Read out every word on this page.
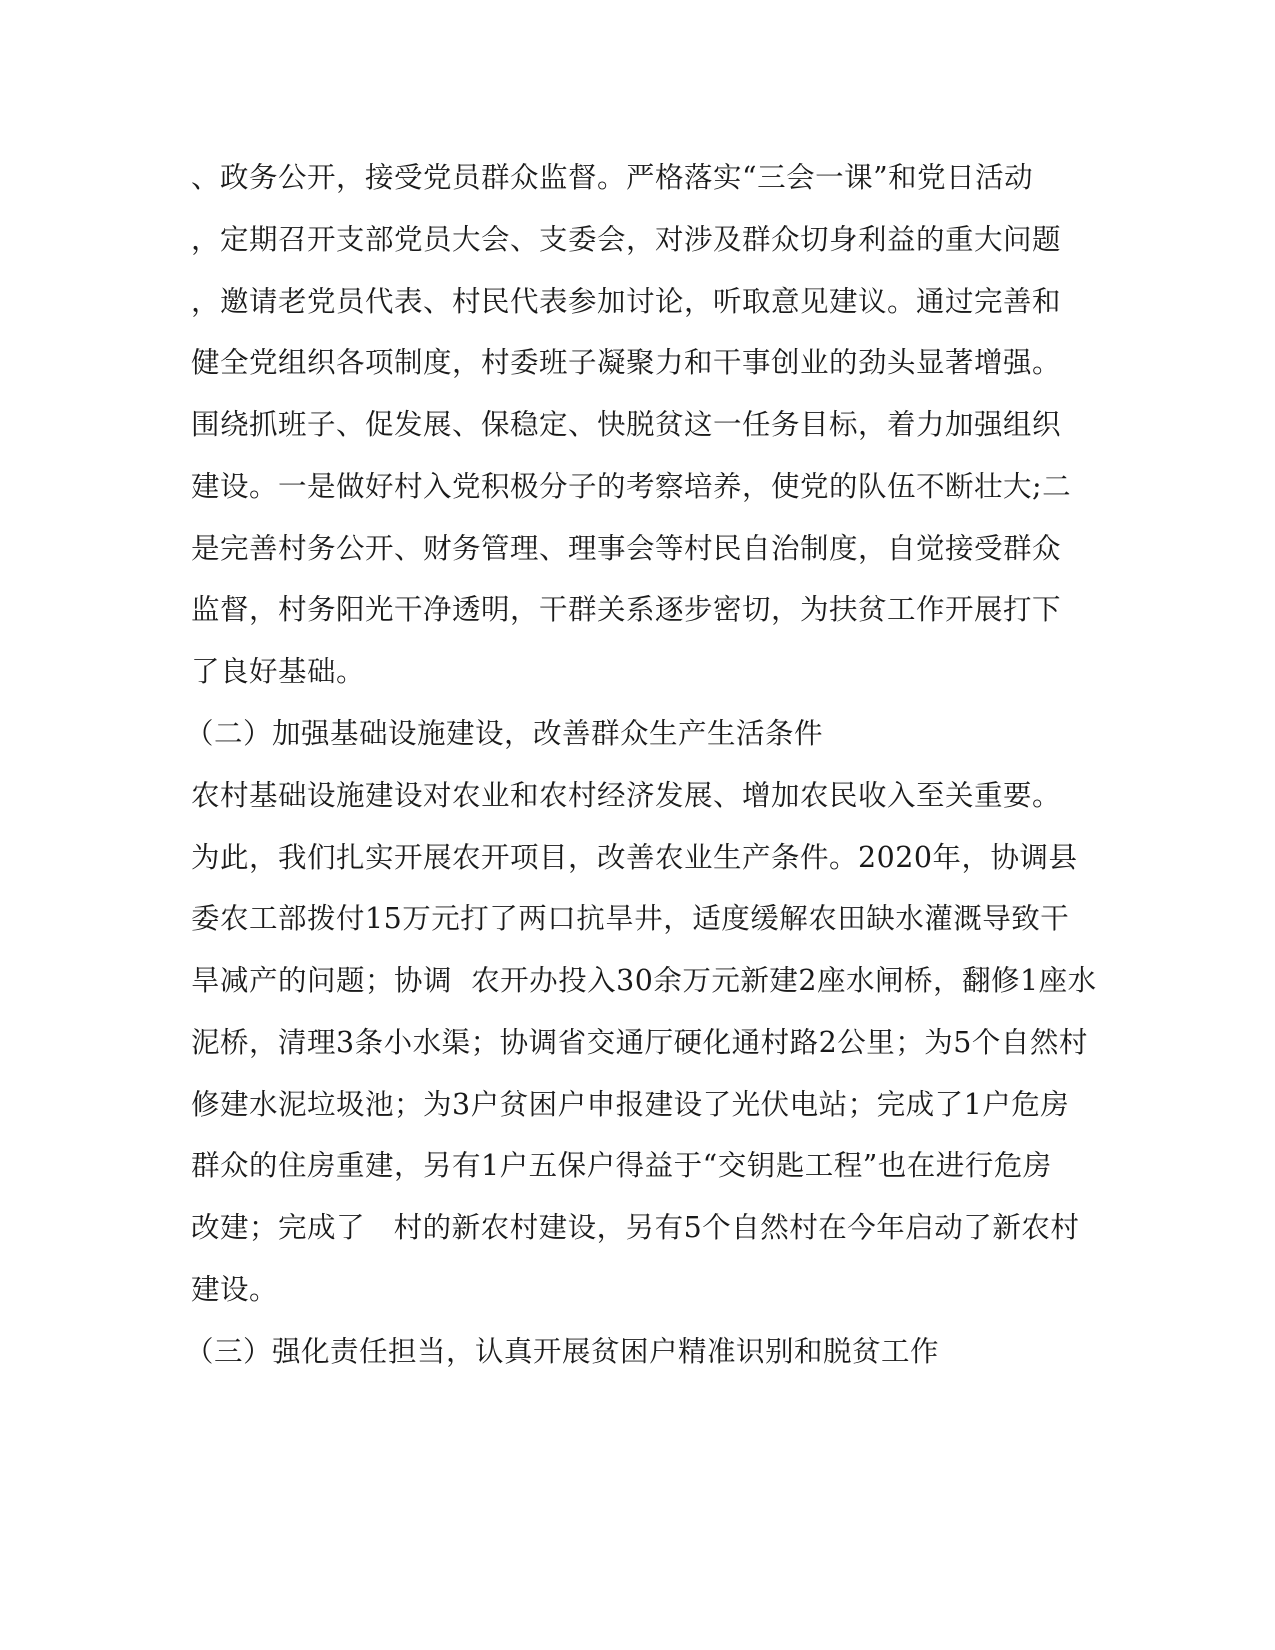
、政务公开，接受党员群众监督。严格落实“三会一课”和党日活动
，定期召开支部党员大会、支委会，对涉及群众切身利益的重大问题
，邀请老党员代表、村民代表参加讨论，听取意见建议。通过完善和
健全党组织各项制度，村委班子凝聚力和干事创业的劲头显著增强。
围绕抓班子、促发展、保稳定、快脱贫这一任务目标，着力加强组织
建设。一是做好村入党积极分子的考察培养，使党的队伍不断壮大;二
是完善村务公开、财务管理、理事会等村民自治制度，自觉接受群众
监督，村务阳光干净透明，干群关系逐步密切，为扶贫工作开展打下
了良好基础。
（二）加强基础设施建设，改善群众生产生活条件
农村基础设施建设对农业和农村经济发展、增加农民收入至关重要。
为此，我们扎实开展农开项目，改善农业生产条件。2020年，协调县
委农工部拨付15万元打了两口抗旱井，适度缓解农田缺水灌溉导致干
旱减产的问题；协调  农开办投入30余万元新建2座水闸桥，翻修1座水
泥桥，清理3条小水渠；协调省交通厅硬化通村路2公里；为5个自然村
修建水泥垃圾池；为3户贫困户申报建设了光伏电站；完成了1户危房
群众的住房重建，另有1户五保户得益于“交钥匙工程”也在进行危房
改建；完成了   村的新农村建设，另有5个自然村在今年启动了新农村
建设。
（三）强化责任担当，认真开展贫困户精准识别和脱贫工作
